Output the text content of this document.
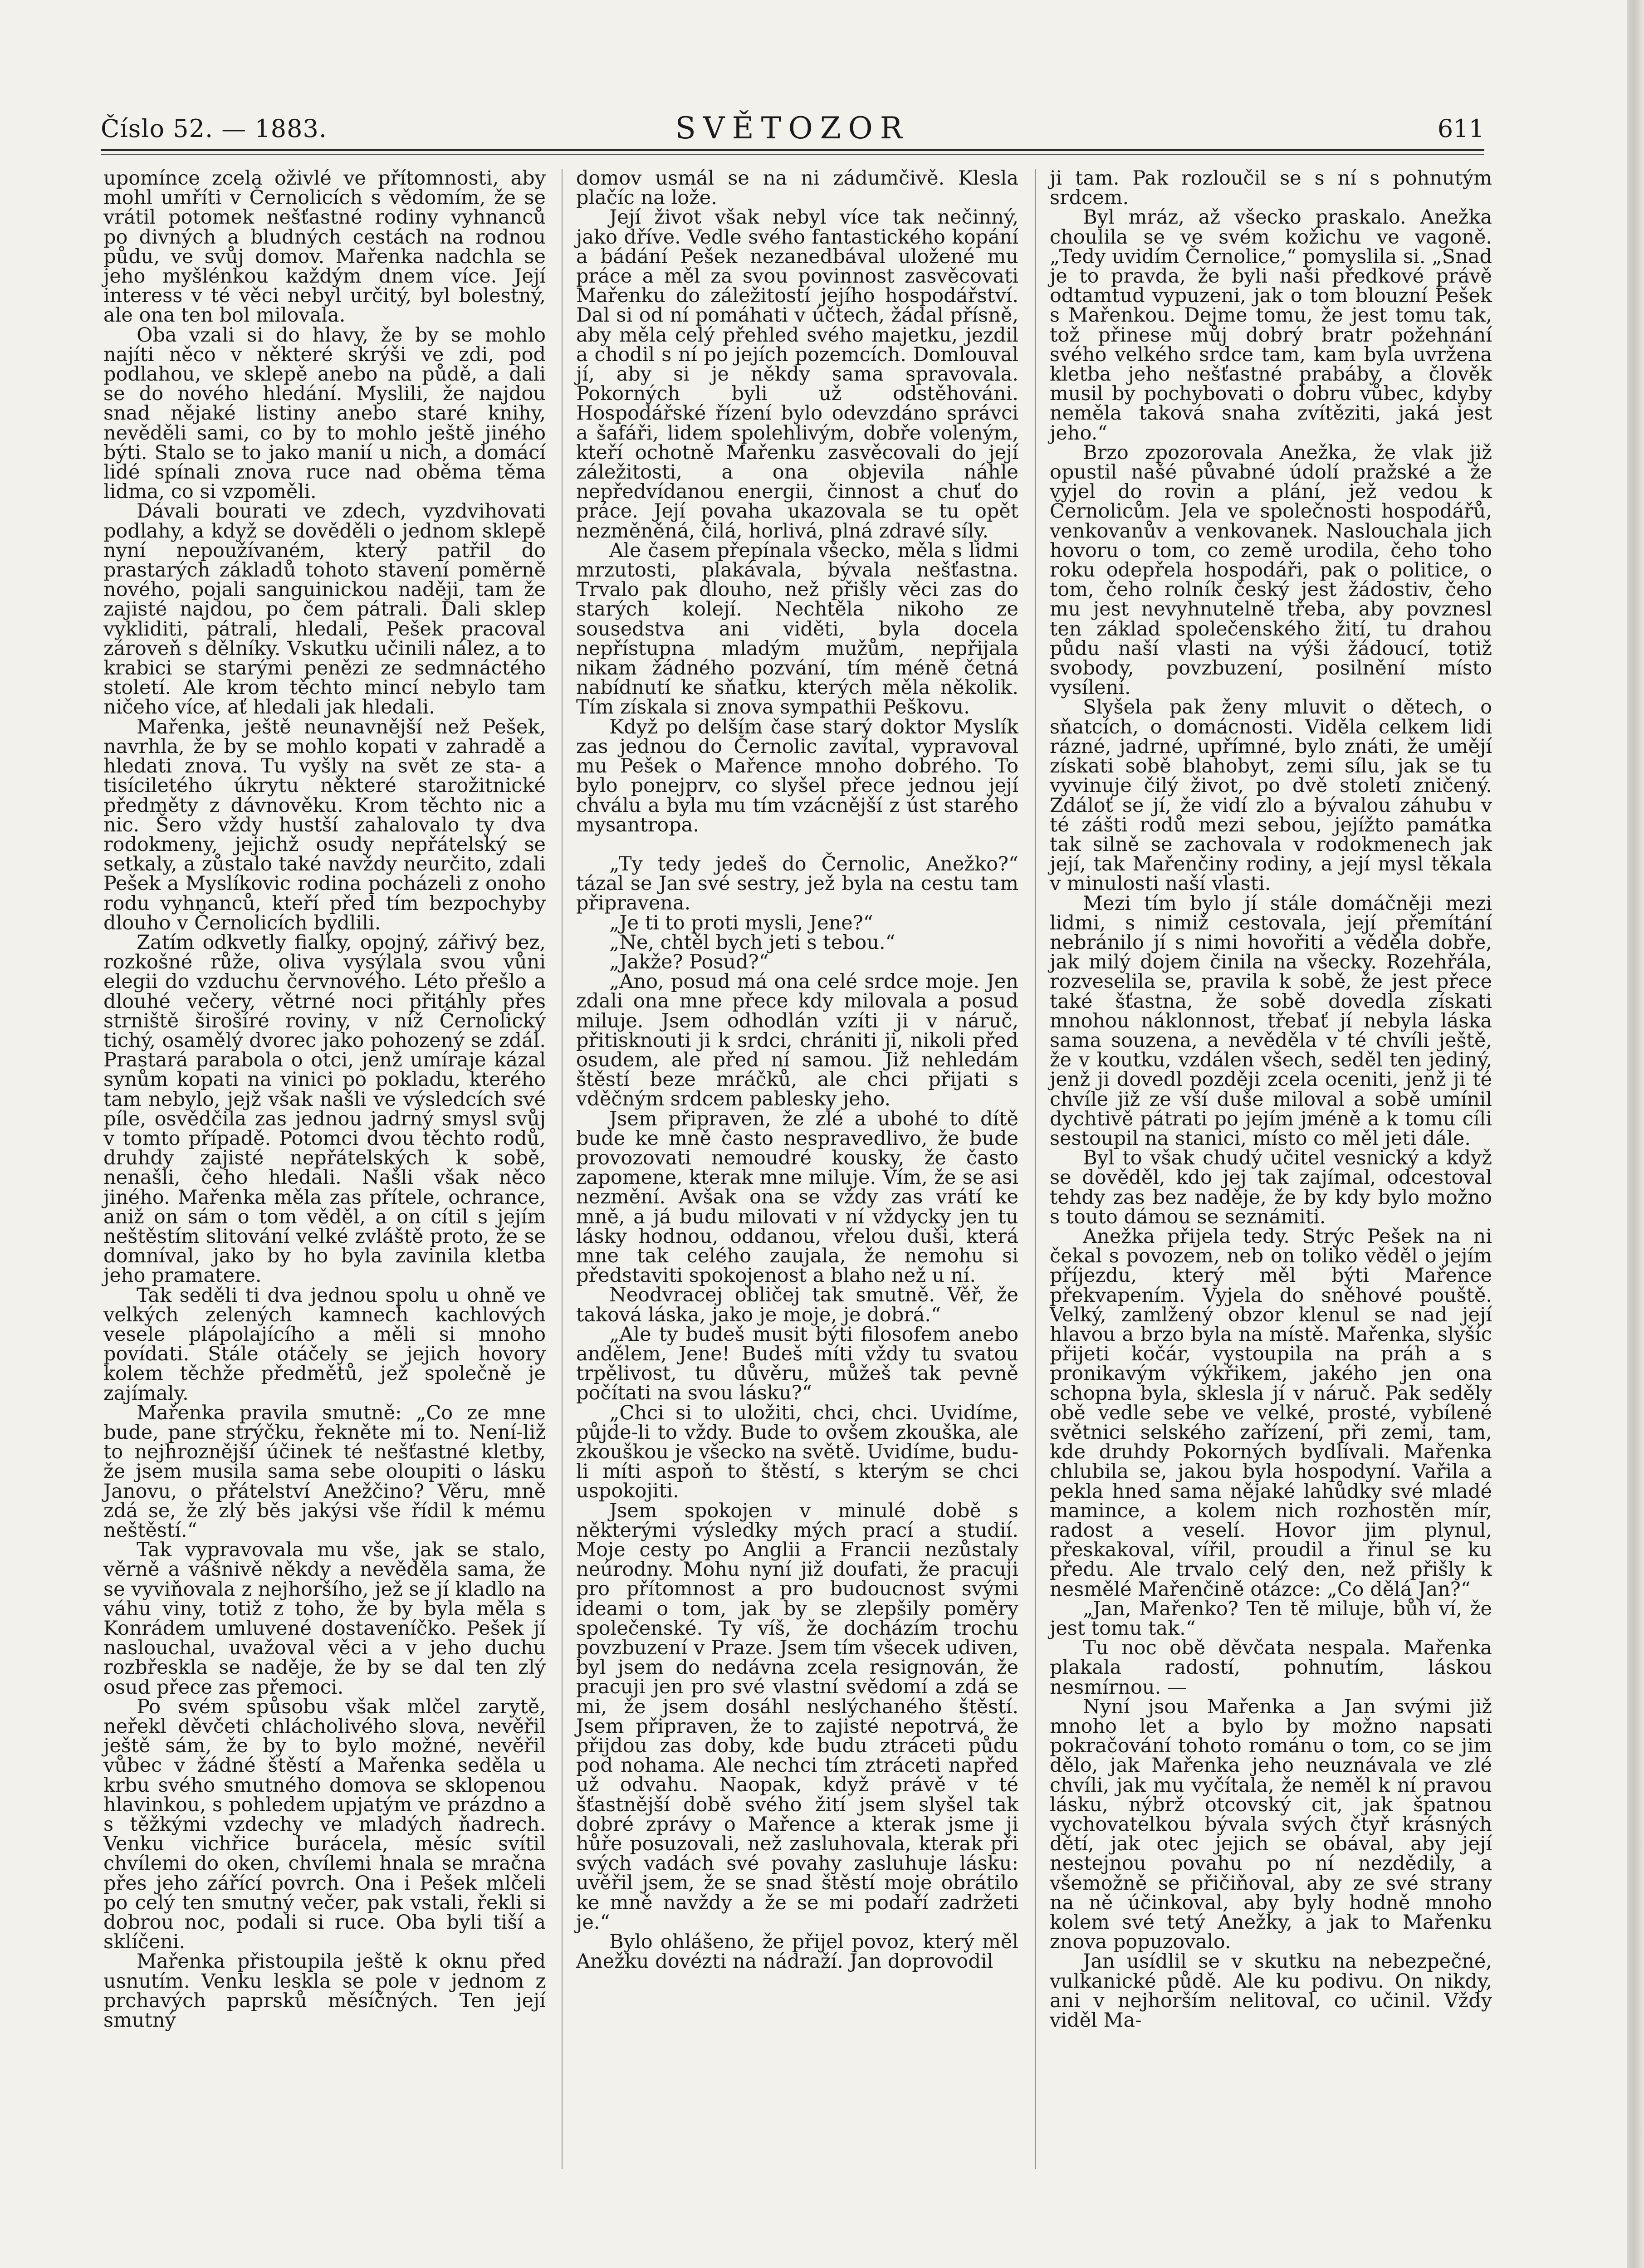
Číslo 52. — 1883.	SVĚTOZOR	611

upomínce zcela oživlé ve přítomnosti, aby mohl umříti v Černolicích s vědomím, že se vrátil potomek nešťastné rodiny vyhnanců po divných a bludných cestách na rodnou půdu, ve svůj domov. Mařenka nadchla se jeho myšlénkou každým dnem více. Její interess v té věci nebyl určitý, byl bolestný, ale ona ten bol milovala.

Oba vzali si do hlavy, že by se mohlo najíti něco v některé skrýši ve zdi, pod podlahou, ve sklepě anebo na půdě, a dali se do nového hledání. Myslili, že najdou snad nějaké listiny anebo staré knihy, nevěděli sami, co by to mohlo ještě jiného býti. Stalo se to jako manií u nich, a domácí lidé spínali znova ruce nad oběma těma lidma, co si vzpoměli.

Dávali bourati ve zdech, vyzdvihovati podlahy, a když se dověděli o jednom sklepě nyní nepoužívaném, který patřil do prastarých základů tohoto stavení poměrně nového, pojali sanguinickou naději, tam že zajisté najdou, po čem pátrali. Dali sklep vykliditi, pátrali, hledali, Pešek pracoval zároveň s dělníky. Vskutku učinili nález, a to krabici se starými penězi ze sedmnáctého století. Ale krom těchto mincí nebylo tam ničeho více, ať hledali jak hledali.

Mařenka, ještě neunavnější než Pešek, navrhla, že by se mohlo kopati v zahradě a hledati znova. Tu vyšly na svět ze sta- a tisíciletého úkrytu některé starožitnické předměty z dávnověku. Krom těchto nic a nic. Šero vždy hustší zahalovalo ty dva rodokmeny, jejichž osudy nepřátelský se setkaly, a zůstalo také navždy neurčito, zdali Pešek a Myslíkovic rodina pocházeli z onoho rodu vyhnanců, kteří před tím bezpochyby dlouho v Černolicích bydlili.

Zatím odkvetly fialky, opojný, zářivý bez, rozkošné růže, oliva vysýlala svou vůni elegii do vzduchu červnového. Léto přešlo a dlouhé večery, větrné noci přitáhly přes strniště širošíré roviny, v níž Černolický tichý, osamělý dvorec jako pohozený se zdál. Prastará parabola o otci, jenž umíraje kázal synům kopati na vinici po pokladu, kterého tam nebylo, jejž však našli ve výsledcích své píle, osvědčila zas jednou jadrný smysl svůj v tomto případě. Potomci dvou těchto rodů, druhdy zajisté nepřátelských k sobě, nenašli, čeho hledali. Našli však něco jiného. Mařenka měla zas přítele, ochrance, aniž on sám o tom věděl, a on cítil s jejím neštěstím slitování velké zvláště proto, že se domníval, jako by ho byla zavinila kletba jeho pramatere.

Tak seděli ti dva jednou spolu u ohně ve velkých zelených kamnech kachlových vesele plápolajícího a měli si mnoho povídati. Stále otáčely se jejich hovory kolem těchže předmětů, jež společně je zajímaly.

Mařenka pravila smutně: „Co ze mne bude, pane strýčku, řekněte mi to. Není-liž to nejhroznější účinek té nešťastné kletby, že jsem musila sama sebe oloupiti o lásku Janovu, o přátelství Anežčino? Věru, mně zdá se, že zlý běs jakýsi vše řídil k mému neštěstí.“

Tak vypravovala mu vše, jak se stalo, věrně a vášnivě někdy a nevěděla sama, že se vyviňovala z nejhoršího, jež se jí kladlo na váhu viny, totiž z toho, že by byla měla s Konrádem umluvené dostaveníčko. Pešek jí naslouchal, uvažoval věci a v jeho duchu rozbřeskla se naděje, že by se dal ten zlý osud přece zas přemoci.

Po svém spůsobu však mlčel zarytě, neřekl děvčeti chlácholivého slova, nevěřil ještě sám, že by to bylo možné, nevěřil vůbec v žádné štěstí a Mařenka seděla u krbu svého smutného domova se sklopenou hlavinkou, s pohledem upjatým ve prázdno a s těžkými vzdechy ve mladých ňadrech. Venku vichřice burácela, měsíc svítil chvílemi do oken, chvílemi hnala se mračna přes jeho zářící povrch. Ona i Pešek mlčeli po celý ten smutný večer, pak vstali, řekli si dobrou noc, podali si ruce. Oba byli tiší a sklíčeni.

Mařenka přistoupila ještě k oknu před usnutím. Venku leskla se pole v jednom z prchavých paprsků měsíčných. Ten její smutný

domov usmál se na ni zádumčivě. Klesla plačíc na lože.

Její život však nebyl více tak nečinný, jako dříve. Vedle svého fantastického kopání a bádání Pešek nezanedbával uložené mu práce a měl za svou povinnost zasvěcovati Mařenku do záležitostí jejího hospodářství. Dal si od ní pomáhati v účtech, žádal přísně, aby měla celý přehled svého majetku, jezdil a chodil s ní po jejích pozemcích. Domlouval jí, aby si je někdy sama spravovala. Pokorných byli už odstěhováni. Hospodářské řízení bylo odevzdáno správci a šafáři, lidem spolehlivým, dobře voleným, kteří ochotně Mařenku zasvěcovali do její záležitosti, a ona objevila náhle nepředvídanou energii, činnost a chuť do práce. Její povaha ukazovala se tu opět nezměněná, čilá, horlivá, plná zdravé síly.

Ale časem přepínala všecko, měla s lidmi mrzutosti, plakávala, bývala nešťastna. Trvalo pak dlouho, než přišly věci zas do starých kolejí. Nechtěla nikoho ze sousedstva ani viděti, byla docela nepřístupna mladým mužům, nepřijala nikam žádného pozvání, tím méně četná nabídnutí ke sňatku, kterých měla několik. Tím získala si znova sympathii Peškovu.

Když po delším čase starý doktor Myslík zas jednou do Černolic zavítal, vypravoval mu Pešek o Mařence mnoho dobrého. To bylo ponejprv, co slyšel přece jednou její chválu a byla mu tím vzácnější z úst starého mysantropa.

„Ty tedy jedeš do Černolic, Anežko?“ tázal se Jan své sestry, jež byla na cestu tam připravena.

„Je ti to proti mysli, Jene?“

„Ne, chtěl bych jeti s tebou.“

„Jakže? Posud?“

„Ano, posud má ona celé srdce moje. Jen zdali ona mne přece kdy milovala a posud miluje. Jsem odhodlán vzíti ji v náruč, přitisknouti ji k srdci, chrániti ji, nikoli před osudem, ale před ní samou. Již nehledám štěstí beze mráčků, ale chci přijati s vděčným srdcem pablesky jeho.

Jsem připraven, že zlé a ubohé to dítě bude ke mně často nespravedlivo, že bude provozovati nemoudré kousky, že často zapomene, kterak mne miluje. Vím, že se asi nezmění. Avšak ona se vždy zas vrátí ke mně, a já budu milovati v ní vždycky jen tu lásky hodnou, oddanou, vřelou duši, která mne tak celého zaujala, že nemohu si představiti spokojenost a blaho než u ní.

Neodvracej obličej tak smutně. Věř, že taková láska, jako je moje, je dobrá.“

„Ale ty budeš musit býti filosofem anebo andělem, Jene! Budeš míti vždy tu svatou trpělivost, tu důvěru, můžeš tak pevně počítati na svou lásku?“

„Chci si to uložiti, chci, chci. Uvidíme, půjde-li to vždy. Bude to ovšem zkouška, ale zkouškou je všecko na světě. Uvidíme, budu-li míti aspoň to štěstí, s kterým se chci uspokojiti.

Jsem spokojen v minulé době s některými výsledky mých prací a studií. Moje cesty po Anglii a Francii nezůstaly neúrodny. Mohu nyní již doufati, že pracuji pro přítomnost a pro budoucnost svými ideami o tom, jak by se zlepšily poměry společenské. Ty víš, že docházím trochu povzbuzení v Praze. Jsem tím všecek udiven, byl jsem do nedávna zcela resignován, že pracuji jen pro své vlastní svědomí a zdá se mi, že jsem dosáhl neslýchaného štěstí. Jsem připraven, že to zajisté nepotrvá, že přijdou zas doby, kde budu ztráceti půdu pod nohama. Ale nechci tím ztráceti napřed už odvahu. Naopak, když právě v té šťastnější době svého žití jsem slyšel tak dobré zprávy o Mařence a kterak jsme ji hůře posuzovali, než zasluhovala, kterak při svých vadách své povahy zasluhuje lásku: uvěřil jsem, že se snad štěstí moje obrátilo ke mně navždy a že se mi podaří zadržeti je.“

Bylo ohlášeno, že přijel povoz, který měl Anežku dovézti na nádraží. Jan doprovodil

ji tam. Pak rozloučil se s ní s pohnutým srdcem.

Byl mráz, až všecko praskalo. Anežka choulila se ve svém kožichu ve vagoně. „Tedy uvidím Černolice,“ pomyslila si. „Snad je to pravda, že byli naši předkové právě odtamtud vypuzeni, jak o tom blouzní Pešek s Mařenkou. Dejme tomu, že jest tomu tak, tož přinese můj dobrý bratr požehnání svého velkého srdce tam, kam byla uvržena kletba jeho nešťastné prabáby, a člověk musil by pochybovati o dobru vůbec, kdyby neměla taková snaha zvítěziti, jaká jest jeho.“

Brzo zpozorovala Anežka, že vlak již opustil našé půvabné údolí pražské a že vyjel do rovin a plání, jež vedou k Černolicům. Jela ve společnosti hospodářů, venkovanův a venkovanek. Naslouchala jich hovoru o tom, co země urodila, čeho toho roku odepřela hospodáři, pak o politice, o tom, čeho rolník český jest žádostiv, čeho mu jest nevyhnutelně třeba, aby povznesl ten základ společenského žití, tu drahou půdu naší vlasti na výši žádoucí, totiž svobody, povzbuzení, posilnění místo vysílení.

Slyšela pak ženy mluvit o dětech, o sňatcích, o domácnosti. Viděla celkem lidi rázné, jadrné, upřímné, bylo znáti, že umějí získati sobě blahobyt, zemi sílu, jak se tu vyvinuje čilý život, po dvě století zničený. Zdáloť se jí, že vidí zlo a bývalou záhubu v té zášti rodů mezi sebou, jejížto památka tak silně se zachovala v rodokmenech jak její, tak Mařenčiny rodiny, a její mysl těkala v minulosti naší vlasti.

Mezi tím bylo jí stále domáčněji mezi lidmi, s nimiž cestovala, její přemítání nebránilo jí s nimi hovořiti a věděla dobře, jak milý dojem činila na všecky. Rozehřála, rozveselila se, pravila k sobě, že jest přece také šťastna, že sobě dovedla získati mnohou náklonnost, třebať jí nebyla láska sama souzena, a nevěděla v té chvíli ještě, že v koutku, vzdálen všech, seděl ten jediný, jenž ji dovedl později zcela oceniti, jenž ji té chvíle již ze vší duše miloval a sobě umínil dychtivě pátrati po jejím jméně a k tomu cíli sestoupil na stanici, místo co měl jeti dále.

Byl to však chudý učitel vesnický a když se dověděl, kdo jej tak zajímal, odcestoval tehdy zas bez naděje, že by kdy bylo možno s touto dámou se seznámiti.

Anežka přijela tedy. Strýc Pešek na ni čekal s povozem, neb on toliko věděl o jejím příjezdu, který měl býti Mařence překvapením. Vyjela do sněhové pouště. Velký, zamlžený obzor klenul se nad její hlavou a brzo byla na místě. Mařenka, slyšíc přijeti kočár, vystoupila na práh a s pronikavým výkřikem, jakého jen ona schopna byla, sklesla jí v náruč. Pak seděly obě vedle sebe ve velké, prosté, vybílené světnici selského zařízení, při zemi, tam, kde druhdy Pokorných bydlívali. Mařenka chlubila se, jakou byla hospodyní. Vařila a pekla hned sama nějaké lahůdky své mladé mamince, a kolem nich rozhostěn mír, radost a veselí. Hovor jim plynul, přeskakoval, vířil, proudil a řinul se ku předu. Ale trvalo celý den, než přišly k nesmělé Mařenčině otázce: „Co dělá Jan?“

„Jan, Mařenko? Ten tě miluje, bůh ví, že jest tomu tak.“

Tu noc obě děvčata nespala. Mařenka plakala radostí, pohnutím, láskou nesmírnou. —

Nyní jsou Mařenka a Jan svými již mnoho let a bylo by možno napsati pokračování tohoto románu o tom, co se jim dělo, jak Mařenka jeho neuznávala ve zlé chvíli, jak mu vyčítala, že neměl k ní pravou lásku, nýbrž otcovský cit, jak špatnou vychovatelkou bývala svých čtyř krásných dětí, jak otec jejich se obával, aby její nestejnou povahu po ní nezdědily, a všemožně se přičiňoval, aby ze své strany na ně účinkoval, aby byly hodně mnoho kolem své tetý Anežky, a jak to Mařenku znova popuzovalo.

Jan usídlil se v skutku na nebezpečné, vulkanické půdě. Ale ku podivu. On nikdy, ani v nejhorším nelitoval, co učinil. Vždy viděl Ma-
